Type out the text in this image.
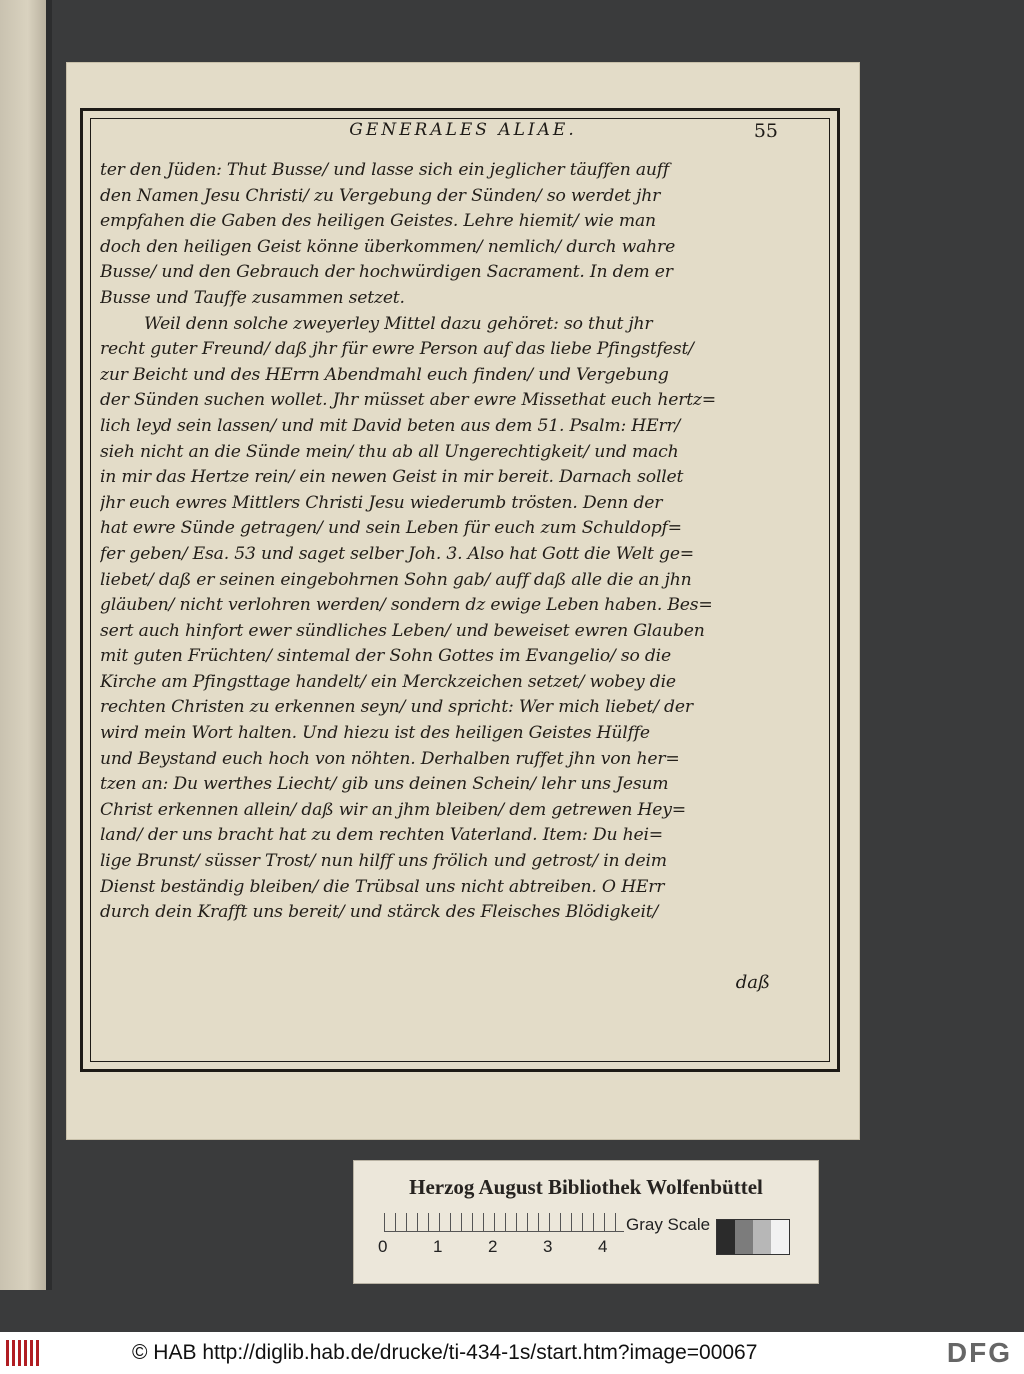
GENERALES ALIAE.	55
ter den Jüden: Thut Busse/ und lasse sich ein jeglicher täuffen auff
den Namen Jesu Christi/ zu Vergebung der Sünden/ so werdet jhr
empfahen die Gaben des heiligen Geistes. Lehre hiemit/ wie man
doch den heiligen Geist könne überkommen/ nemlich/ durch wahre
Busse/ und den Gebrauch der hochwürdigen Sacrament. In dem er
Busse und Tauffe zusammen setzet.
Weil denn solche zweyerley Mittel dazu gehöret: so thut jhr
recht guter Freund/ daß jhr für ewre Person auf das liebe Pfingstfest/
zur Beicht und des HErrn Abendmahl euch finden/ und Vergebung
der Sünden suchen wollet. Jhr müsset aber ewre Missethat euch hertz=
lich leyd sein lassen/ und mit David beten aus dem 51. Psalm: HErr/
sieh nicht an die Sünde mein/ thu ab all Ungerechtigkeit/ und mach
in mir das Hertze rein/ ein newen Geist in mir bereit. Darnach sollet
jhr euch ewres Mittlers Christi Jesu wiederumb trösten. Denn der
hat ewre Sünde getragen/ und sein Leben für euch zum Schuldopf=
fer geben/ Esa. 53 und saget selber Joh. 3. Also hat Gott die Welt ge=
liebet/ daß er seinen eingebohrnen Sohn gab/ auff daß alle die an jhn
gläuben/ nicht verlohren werden/ sondern dz ewige Leben haben. Bes=
sert auch hinfort ewer sündliches Leben/ und beweiset ewren Glauben
mit guten Früchten/ sintemal der Sohn Gottes im Evangelio/ so die
Kirche am Pfingsttage handelt/ ein Merckzeichen setzet/ wobey die
rechten Christen zu erkennen seyn/ und spricht: Wer mich liebet/ der
wird mein Wort halten. Und hiezu ist des heiligen Geistes Hülffe
und Beystand euch hoch von nöhten. Derhalben ruffet jhn von her=
tzen an: Du werthes Liecht/ gib uns deinen Schein/ lehr uns Jesum
Christ erkennen allein/ daß wir an jhm bleiben/ dem getrewen Hey=
land/ der uns bracht hat zu dem rechten Vaterland. Item: Du hei=
lige Brunst/ süsser Trost/ nun hilff uns frölich und getrost/ in deim
Dienst beständig bleiben/ die Trübsal uns nicht abtreiben. O HErr
durch dein Krafft uns bereit/ und stärck des Fleisches Blödigkeit/
daß
Herzog August Bibliothek Wolfenbüttel
0	1	2	3	4
Gray Scale
© HAB http://diglib.hab.de/drucke/ti-434-1s/start.htm?image=00067	DFG
